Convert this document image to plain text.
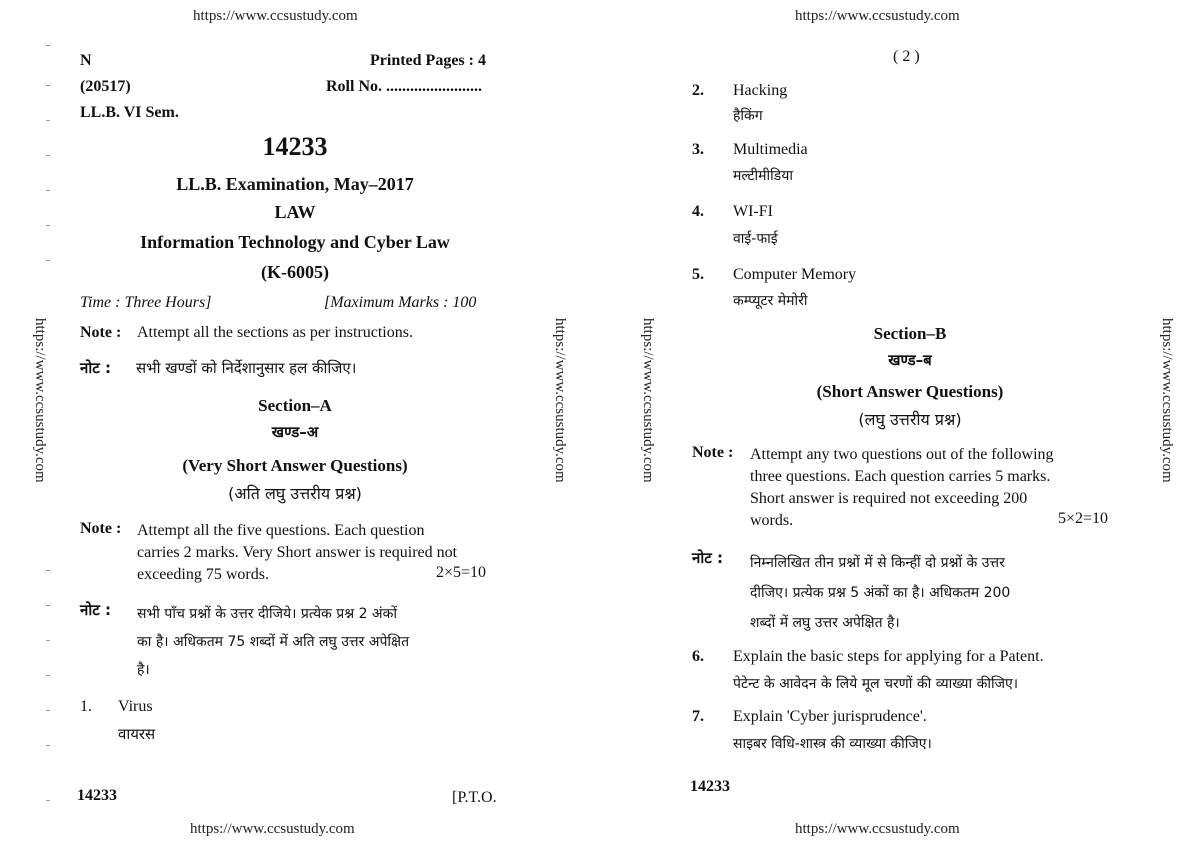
https://www.ccsustudy.com
N	Printed Pages : 4
(20517)	Roll No. ........................
LL.B. VI Sem.
14233
LL.B. Examination, May–2017
LAW
Information Technology and Cyber Law
(K-6005)
Time : Three Hours]	[Maximum Marks : 100
Note : Attempt all the sections as per instructions.
नोट : सभी खण्डों को निर्देशानुसार हल कीजिए।
Section–A
खण्ड–अ
(Very Short Answer Questions)
(अति लघु उत्तरीय प्रश्न)
Note : Attempt all the five questions. Each question
carries 2 marks. Very Short answer is required not
exceeding 75 words.	2×5=10
नोट : सभी पाँच प्रश्नों के उत्तर दीजिये। प्रत्येक प्रश्न 2 अंकों
का है। अधिकतम 75 शब्दों में अति लघु उत्तर अपेक्षित
है।
1. Virus
वायरस
14233	[P.T.O.
https://www.ccsustudy.com
https://www.ccsustudy.com	https://www.ccsustudy.com	https://www.ccsustudy.com	https://www.ccsustudy.com
https://www.ccsustudy.com
( 2 )
2. Hacking
हैकिंग
3. Multimedia
मल्टीमीडिया
4. WI-FI
वाई-फाई
5. Computer Memory
कम्प्यूटर मेमोरी
Section–B
खण्ड–ब
(Short Answer Questions)
(लघु उत्तरीय प्रश्न)
Note : Attempt any two questions out of the following
three questions. Each question carries 5 marks.
Short answer is required not exceeding 200
words.	5×2=10
नोट : निम्नलिखित तीन प्रश्नों में से किन्हीं दो प्रश्नों के उत्तर
दीजिए। प्रत्येक प्रश्न 5 अंकों का है। अधिकतम 200
शब्दों में लघु उत्तर अपेक्षित है।
6. Explain the basic steps for applying for a Patent.
पेटेन्ट के आवेदन के लिये मूल चरणों की व्याख्या कीजिए।
7. Explain 'Cyber jurisprudence'.
साइबर विधि-शास्त्र की व्याख्या कीजिए।
14233
https://www.ccsustudy.com
